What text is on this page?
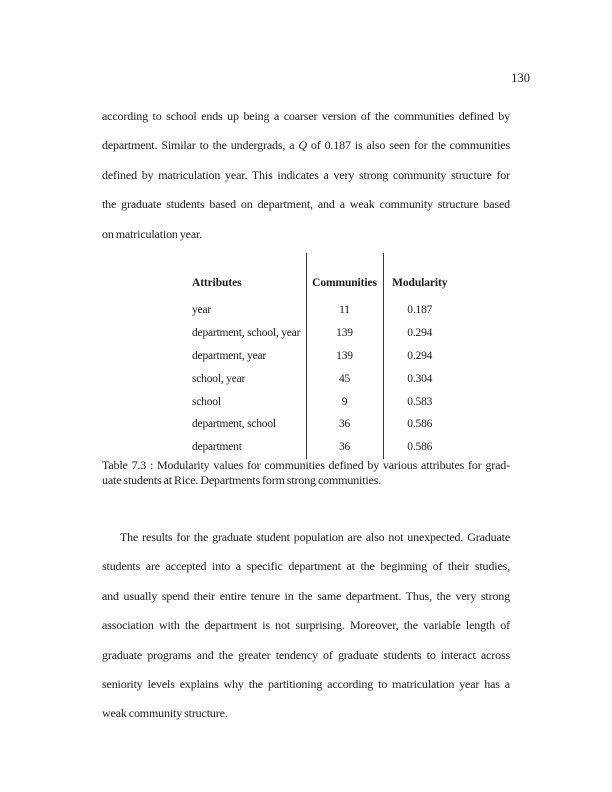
130
according to school ends up being a coarser version of the communities defined by
department. Similar to the undergrads, a Q of 0.187 is also seen for the communities
defined by matriculation year. This indicates a very strong community structure for
the graduate students based on department, and a weak community structure based
on matriculation year.
Attributes	Communities	Modularity
year	11	0.187
department, school, year	139	0.294
department, year	139	0.294
school, year	45	0.304
school	9	0.583
department, school	36	0.586
department	36	0.586
Table 7.3 : Modularity values for communities defined by various attributes for grad-
uate students at Rice. Departments form strong communities.
The results for the graduate student population are also not unexpected. Graduate
students are accepted into a specific department at the beginning of their studies,
and usually spend their entire tenure in the same department. Thus, the very strong
association with the department is not surprising. Moreover, the variable length of
graduate programs and the greater tendency of graduate students to interact across
seniority levels explains why the partitioning according to matriculation year has a
weak community structure.
